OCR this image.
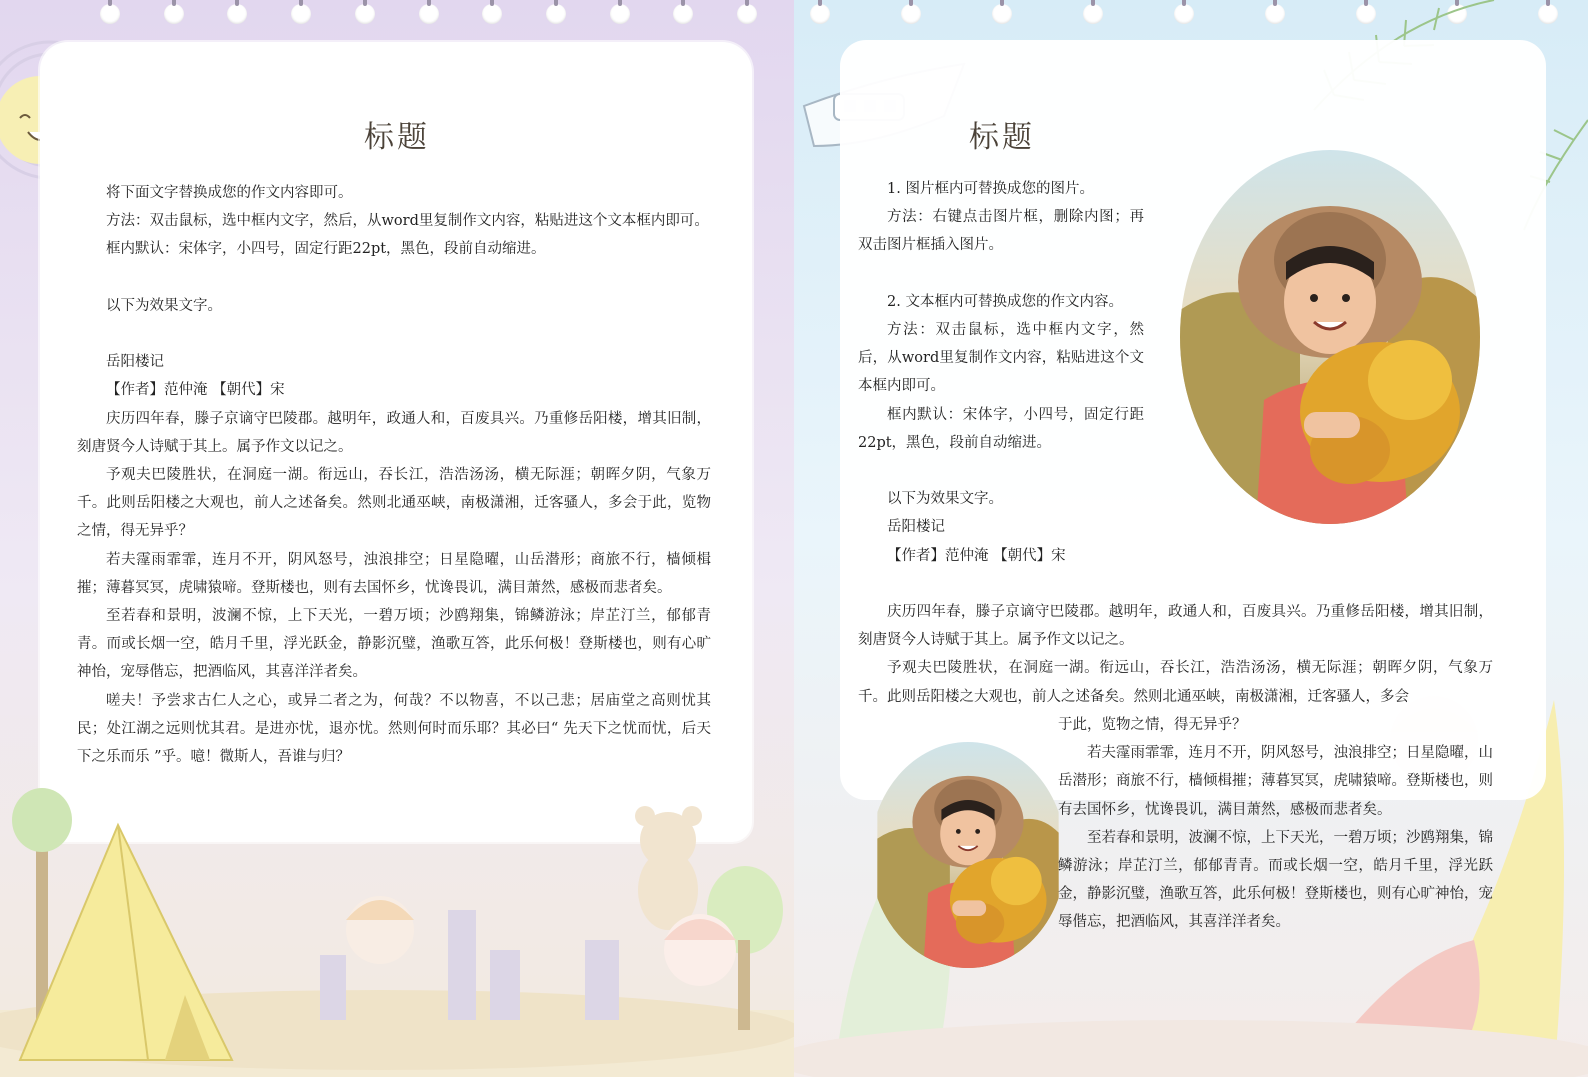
标题

将下面文字替换成您的作文内容即可。

方法：双击鼠标，选中框内文字，然后，从word里复制作文内容，粘贴进这个文本框内即可。

框内默认：宋体字，小四号，固定行距22pt，黑色，段前自动缩进。

以下为效果文字。

岳阳楼记

【作者】范仲淹 【朝代】宋

庆历四年春，滕子京谪守巴陵郡。越明年，政通人和，百废具兴。乃重修岳阳楼，增其旧制，刻唐贤今人诗赋于其上。属予作文以记之。

予观夫巴陵胜状，在洞庭一湖。衔远山，吞长江，浩浩汤汤，横无际涯；朝晖夕阴，气象万千。此则岳阳楼之大观也，前人之述备矣。然则北通巫峡，南极潇湘，迁客骚人，多会于此，览物之情，得无异乎？

若夫霪雨霏霏，连月不开，阴风怒号，浊浪排空；日星隐曜，山岳潜形；商旅不行，樯倾楫摧；薄暮冥冥，虎啸猿啼。登斯楼也，则有去国怀乡，忧谗畏讥，满目萧然，感极而悲者矣。

至若春和景明，波澜不惊，上下天光，一碧万顷；沙鸥翔集，锦鳞游泳；岸芷汀兰，郁郁青青。而或长烟一空，皓月千里，浮光跃金，静影沉璧，渔歌互答，此乐何极！登斯楼也，则有心旷神怡，宠辱偕忘，把酒临风，其喜洋洋者矣。

嗟夫！予尝求古仁人之心，或异二者之为，何哉？不以物喜，不以己悲；居庙堂之高则忧其民；处江湖之远则忧其君。是进亦忧，退亦忧。然则何时而乐耶？其必曰“ 先天下之忧而忧，后天下之乐而乐 ”乎。噫！微斯人，吾谁与归？

标题

1. 图片框内可替换成您的图片。

方法：右键点击图片框，删除内图；再双击图片框插入图片。

2. 文本框内可替换成您的作文内容。

方法：双击鼠标，选中框内文字，然后，从word里复制作文内容，粘贴进这个文本框内即可。

框内默认：宋体字，小四号，固定行距22pt，黑色，段前自动缩进。

以下为效果文字。

岳阳楼记

【作者】范仲淹 【朝代】宋

庆历四年春，滕子京谪守巴陵郡。越明年，政通人和，百废具兴。乃重修岳阳楼，增其旧制，刻唐贤今人诗赋于其上。属予作文以记之。

予观夫巴陵胜状，在洞庭一湖。衔远山，吞长江，浩浩汤汤，横无际涯；朝晖夕阴，气象万千。此则岳阳楼之大观也，前人之述备矣。然则北通巫峡，南极潇湘，迁客骚人，多会

于此，览物之情，得无异乎？

若夫霪雨霏霏，连月不开，阴风怒号，浊浪排空；日星隐曜，山岳潜形；商旅不行，樯倾楫摧；薄暮冥冥，虎啸猿啼。登斯楼也，则有去国怀乡，忧谗畏讥，满目萧然，感极而悲者矣。

至若春和景明，波澜不惊，上下天光，一碧万顷；沙鸥翔集，锦鳞游泳；岸芷汀兰，郁郁青青。而或长烟一空，皓月千里，浮光跃金，静影沉璧，渔歌互答，此乐何极！登斯楼也，则有心旷神怡，宠辱偕忘，把酒临风，其喜洋洋者矣。
